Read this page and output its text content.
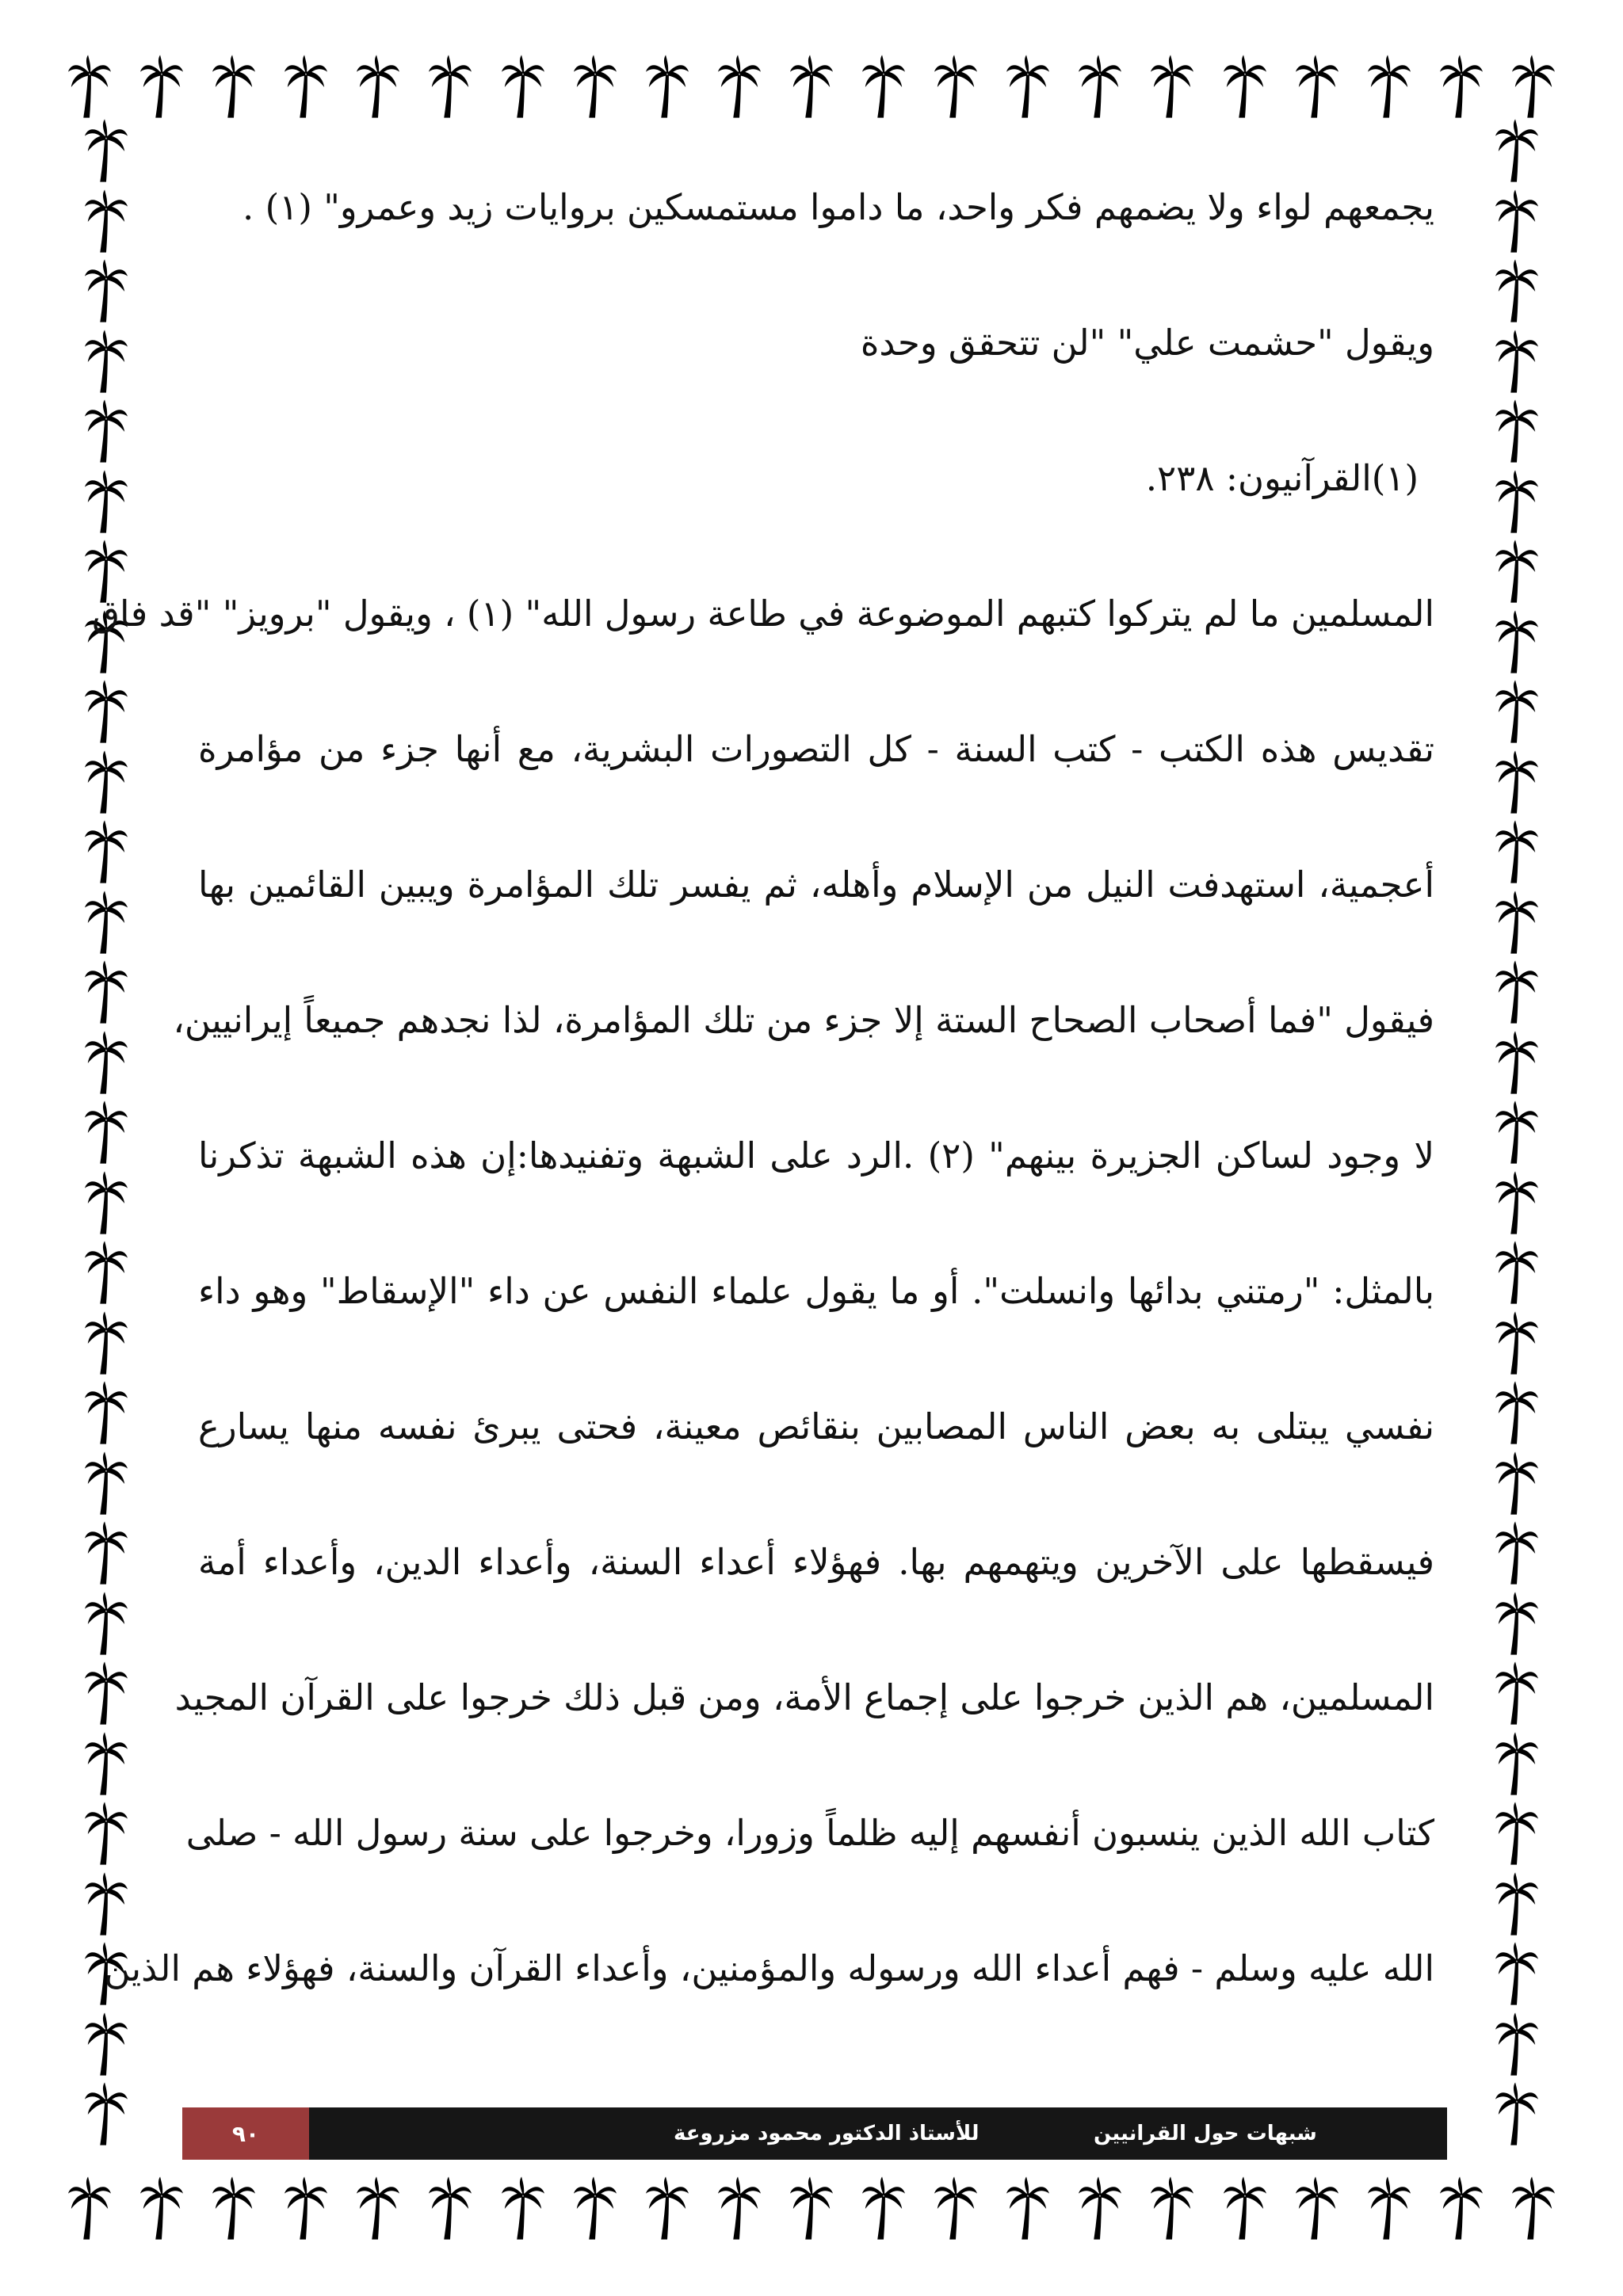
يجمعهم لواء ولا يضمهم فكر واحد، ما داموا مستمسكين بروايات زيد وعمرو" (١) .
ويقول "حشمت علي" "لن تتحقق وحدة
(١)القرآنيون: ٢٣٨.
المسلمين ما لم يتركوا كتبهم الموضوعة في طاعة رسول الله" (١) ، ويقول "برويز" "قد فاق
تقديس هذه الكتب - كتب السنة - كل التصورات البشرية، مع أنها جزء من مؤامرة
أعجمية، استهدفت النيل من الإسلام وأهله، ثم يفسر تلك المؤامرة ويبين القائمين بها
فيقول "فما أصحاب الصحاح الستة إلا جزء من تلك المؤامرة، لذا نجدهم جميعاً إيرانيين،
لا وجود لساكن الجزيرة بينهم" (٢) .الرد على الشبهة وتفنيدها:إن هذه الشبهة تذكرنا
بالمثل: "رمتني بدائها وانسلت". أو ما يقول علماء النفس عن داء "الإسقاط" وهو داء
نفسي يبتلى به بعض الناس المصابين بنقائص معينة، فحتى يبرئ نفسه منها يسارع
فيسقطها على الآخرين ويتهمهم بها. فهؤلاء أعداء السنة، وأعداء الدين، وأعداء أمة
المسلمين، هم الذين خرجوا على إجماع الأمة، ومن قبل ذلك خرجوا على القرآن المجيد
كتاب الله الذين ينسبون أنفسهم إليه ظلماً وزورا، وخرجوا على سنة رسول الله - صلى
الله عليه وسلم - فهم أعداء الله ورسوله والمؤمنين، وأعداء القرآن والسنة، فهؤلاء هم الذين
٩٠	للأستاذ الدكتور محمود مزروعة	شبهات حول القرانيين
